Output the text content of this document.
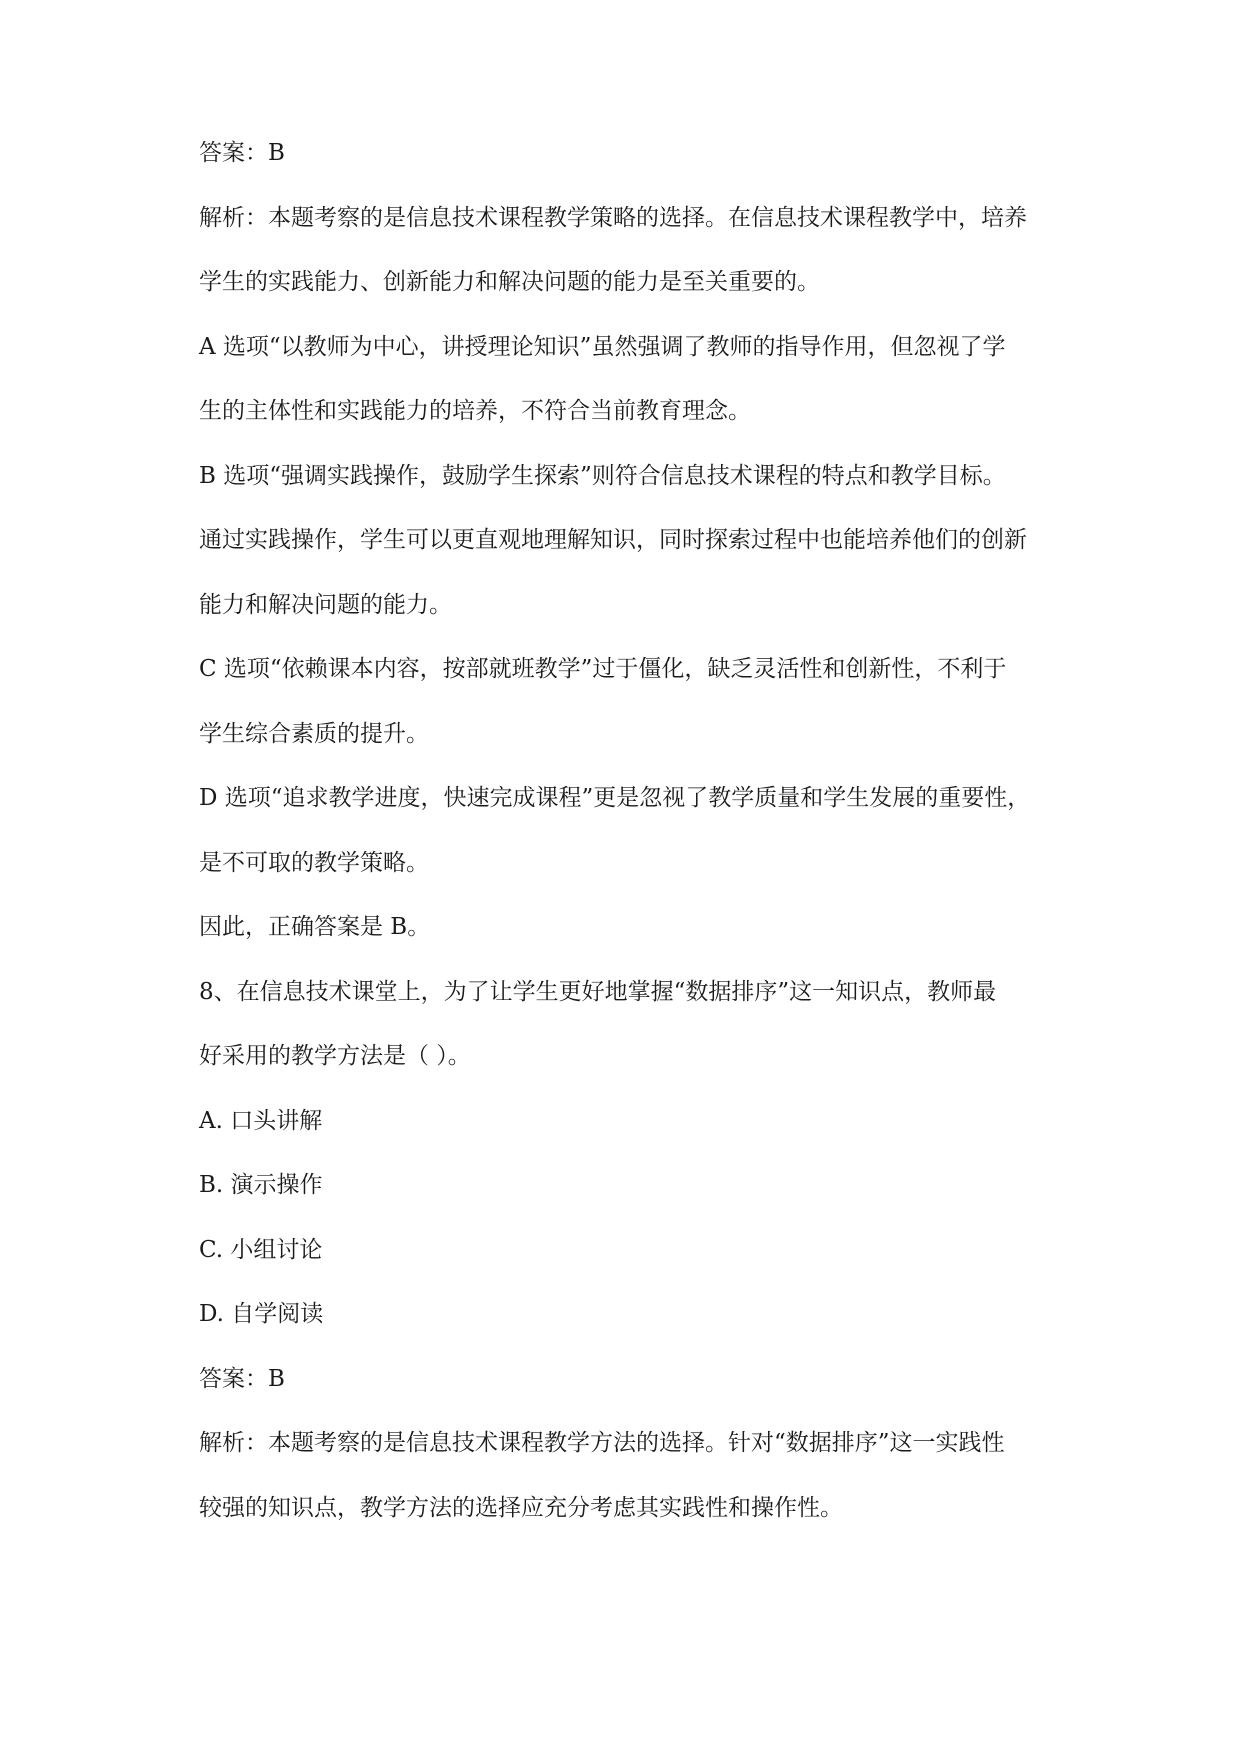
答案：B
解析：本题考察的是信息技术课程教学策略的选择。在信息技术课程教学中，培养
学生的实践能力、创新能力和解决问题的能力是至关重要的。
A 选项“以教师为中心，讲授理论知识”虽然强调了教师的指导作用，但忽视了学
生的主体性和实践能力的培养，不符合当前教育理念。
B 选项“强调实践操作，鼓励学生探索”则符合信息技术课程的特点和教学目标。
通过实践操作，学生可以更直观地理解知识，同时探索过程中也能培养他们的创新
能力和解决问题的能力。
C 选项“依赖课本内容，按部就班教学”过于僵化，缺乏灵活性和创新性，不利于
学生综合素质的提升。
D 选项“追求教学进度，快速完成课程”更是忽视了教学质量和学生发展的重要性，
是不可取的教学策略。
因此，正确答案是 B。
8、在信息技术课堂上，为了让学生更好地掌握“数据排序”这一知识点，教师最
好采用的教学方法是（ ）。
A. 口头讲解
B. 演示操作
C. 小组讨论
D. 自学阅读
答案：B
解析：本题考察的是信息技术课程教学方法的选择。针对“数据排序”这一实践性
较强的知识点，教学方法的选择应充分考虑其实践性和操作性。
